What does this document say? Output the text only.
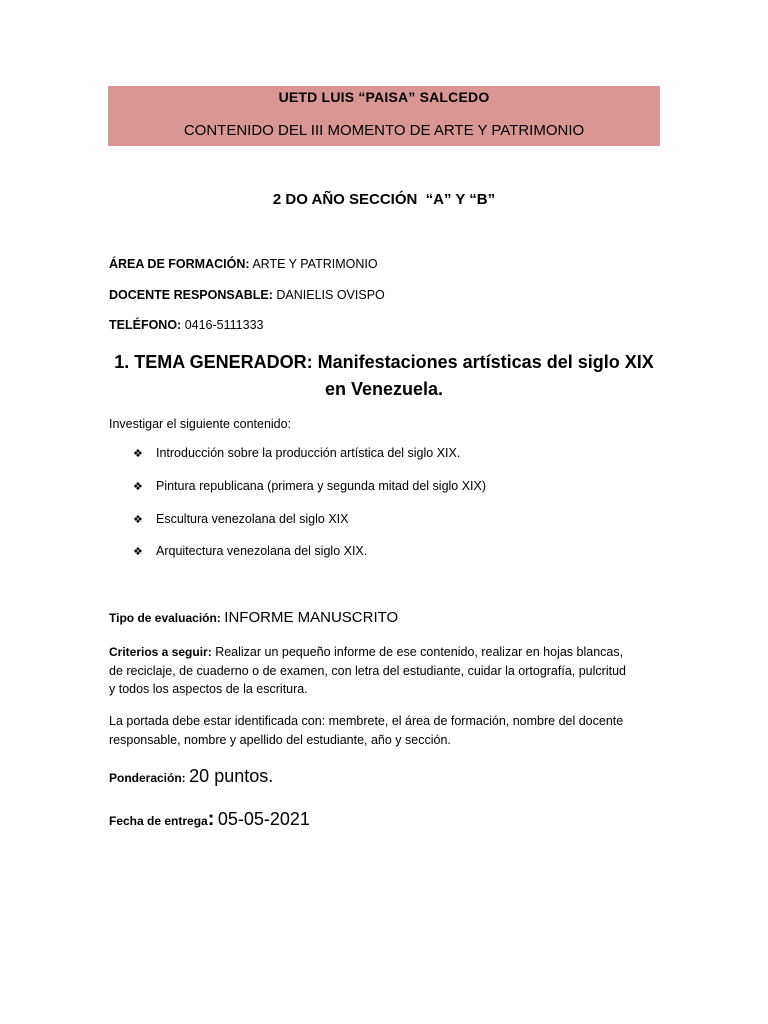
UETD LUIS “PAISA” SALCEDO
CONTENIDO DEL III MOMENTO DE ARTE Y PATRIMONIO
2 DO AÑO SECCIÓN  “A” Y “B”
ÁREA DE FORMACIÓN: ARTE Y PATRIMONIO
DOCENTE RESPONSABLE: DANIELIS OVISPO
TELÉFONO: 0416-5111333
1. TEMA GENERADOR: Manifestaciones artísticas del siglo XIX
en Venezuela.
Investigar el siguiente contenido:
❖ Introducción sobre la producción artística del siglo XIX.
❖ Pintura republicana (primera y segunda mitad del siglo XIX)
❖ Escultura venezolana del siglo XIX
❖ Arquitectura venezolana del siglo XIX.
Tipo de evaluación: INFORME MANUSCRITO
Criterios a seguir: Realizar un pequeño informe de ese contenido, realizar en hojas blancas,
de reciclaje, de cuaderno o de examen, con letra del estudiante, cuidar la ortografía, pulcritud
y todos los aspectos de la escritura.
La portada debe estar identificada con: membrete, el área de formación, nombre del docente
responsable, nombre y apellido del estudiante, año y sección.
Ponderación: 20 puntos.
Fecha de entrega: 05-05-2021
